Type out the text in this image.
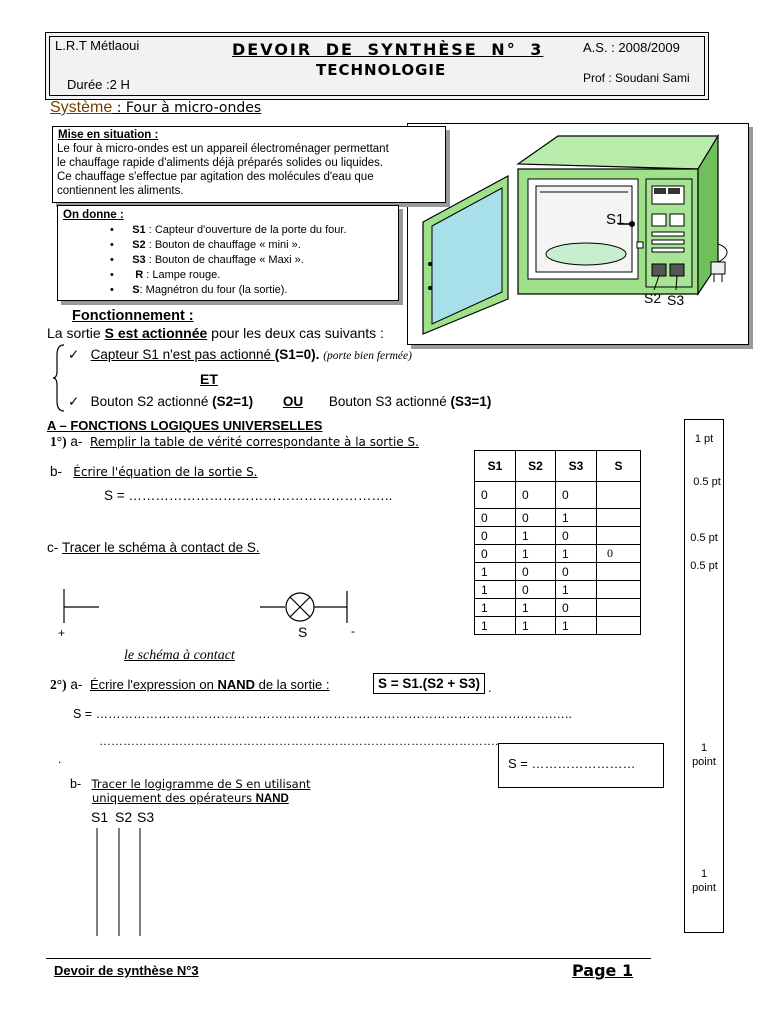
L.R.T Métlaoui
Durée :2 H
DEVOIR DE SYNTHÈSE N° 3
TECHNOLOGIE
A.S. : 2008/2009
Prof : Soudani Sami
Système : Four à micro-ondes
S1
S2 S3
Mise en situation :
Le four à micro-ondes est un appareil électroménager permettant
le chauffage rapide d'aliments déjà préparés solides ou liquides.
Ce chauffage s'effectue par agitation des molécules d'eau que
contiennent les aliments.
On donne :
•      S1 : Capteur d'ouverture de la porte du four.
•      S2 : Bouton de chauffage « mini ».
•      S3 : Bouton de chauffage « Maxi ».
•       R : Lampe rouge.
•      S: Magnétron du four (la sortie).
Fonctionnement :
La sortie S est actionnée pour les deux cas suivants :
✓ Capteur S1 n'est pas actionné (S1=0). (porte bien fermée)
ET
✓ Bouton S2 actionné (S2=1) OU Bouton S3 actionné (S3=1)
A – FONCTIONS LOGIQUES UNIVERSELLES
1°) a- Remplir la table de vérité correspondante à la sortie S.
b- Écrire l'équation de la sortie S.
S = …………………………………………………..
c- Tracer le schéma à contact de S.
+	-
S
le schéma à contact
S1	S2	S3	S
0	0	0	
0	0	1	
0	1	0	
0	1	1	0
1	0	0	
1	0	1	
1	1	0	
1	1	1	
1 pt
0.5 pt
0.5 pt
0.5 pt
1
point
1
point
2°) a- Écrire l'expression on NAND de la sortie :	S = S1.(S2 + S3) .
S = ………………………………………………………………………………………….…….…..
……………………………………………………………………………………….
.	S = ……………………
b- Tracer le logigramme de S en utilisant
uniquement des opérateurs NAND
S1 S2 S3
Devoir de synthèse N°3	Page 1
